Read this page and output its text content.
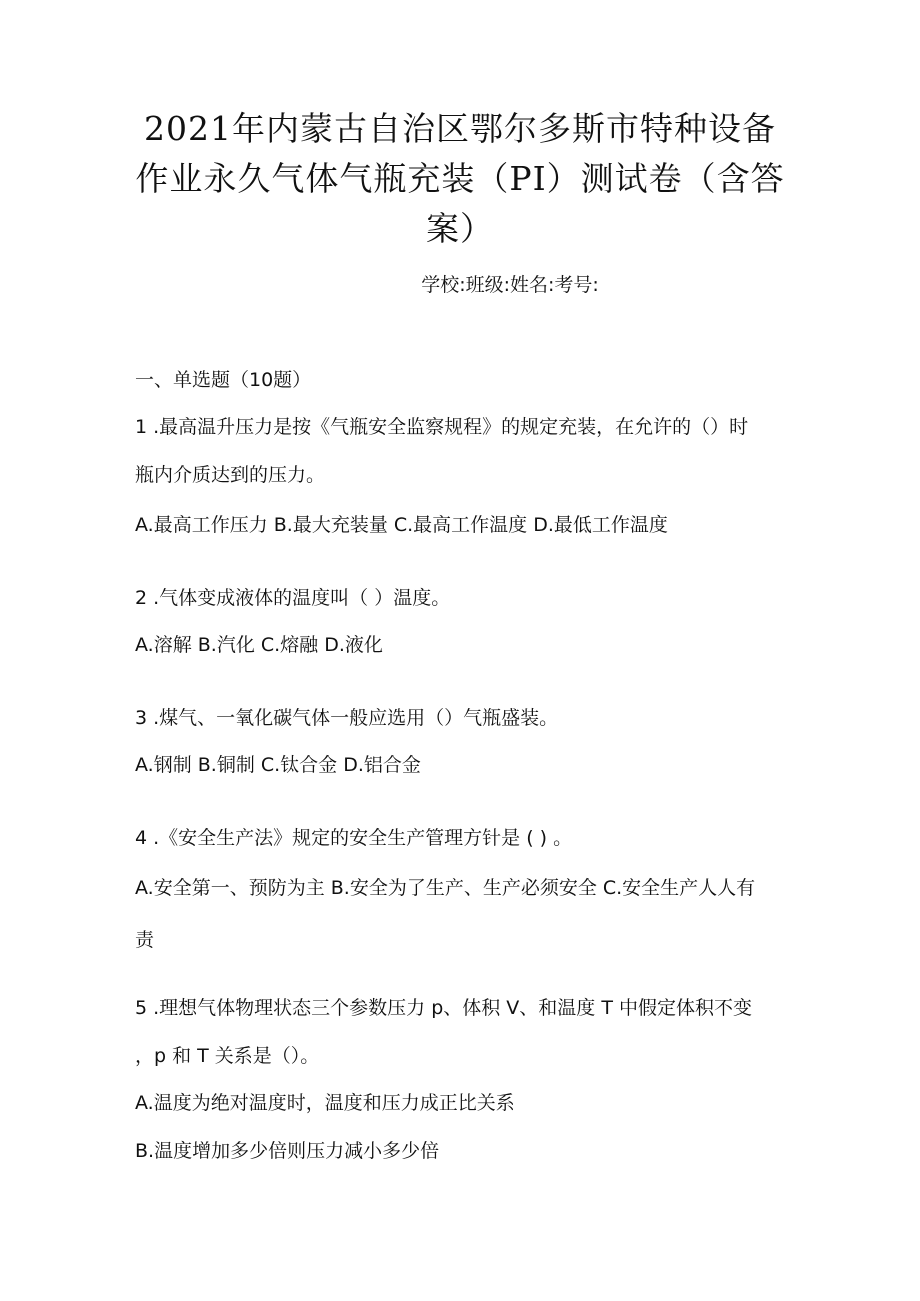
2021年内蒙古自治区鄂尔多斯市特种设备
作业永久气体气瓶充装（PI）测试卷（含答
案）
学校:班级:姓名:考号:
一、单选题（10题）
1 .最高温升压力是按《气瓶安全监察规程》的规定充装，在允许的（）时
瓶内介质达到的压力。
A.最高工作压力 B.最大充装量 C.最高工作温度 D.最低工作温度
2 .气体变成液体的温度叫（ ）温度。
A.溶解 B.汽化 C.熔融 D.液化
3 .煤气、一氧化碳气体一般应选用（）气瓶盛装。
A.钢制 B.铜制 C.钛合金 D.铝合金
4 .《安全生产法》规定的安全生产管理方针是 ( ) 。
A.安全第一、预防为主 B.安全为了生产、生产必须安全 C.安全生产人人有
责
5 .理想气体物理状态三个参数压力 p、体积 V、和温度 T 中假定体积不变
，p 和 T 关系是（）。
A.温度为绝对温度时，温度和压力成正比关系
B.温度增加多少倍则压力减小多少倍
